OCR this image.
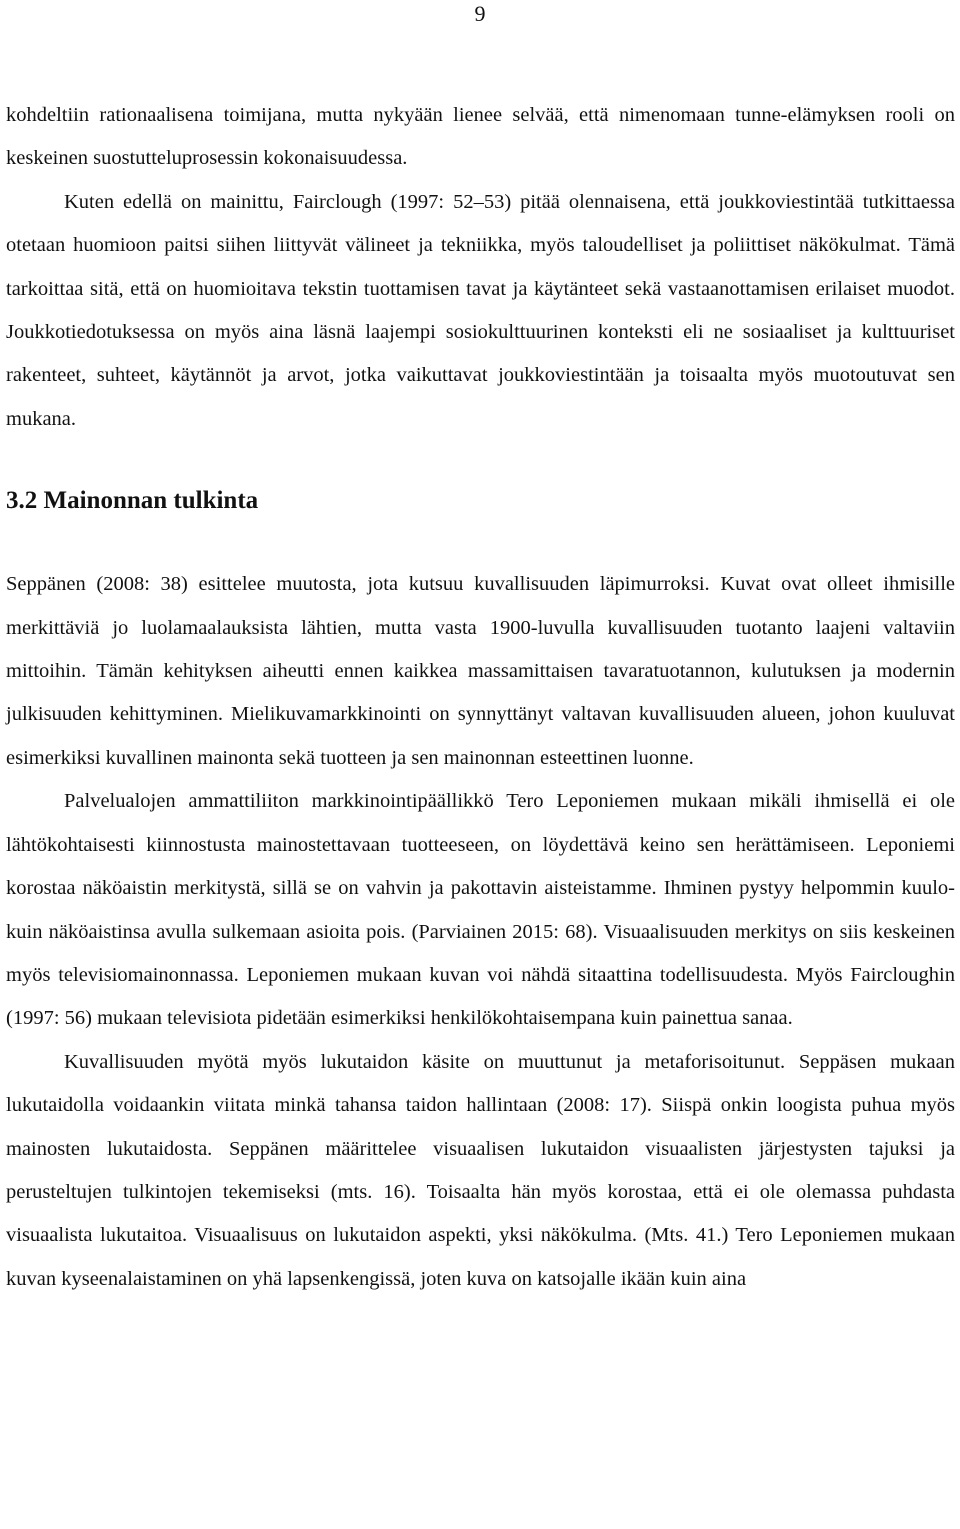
9

kohdeltiin rationaalisena toimijana, mutta nykyään lienee selvää, että nimenomaan tunne-elämyksen rooli on keskeinen suostutteluprosessin kokonaisuudessa.

Kuten edellä on mainittu, Fairclough (1997: 52–53) pitää olennaisena, että joukkoviestintää tutkittaessa otetaan huomioon paitsi siihen liittyvät välineet ja tekniikka, myös taloudelliset ja poliittiset näkökulmat. Tämä tarkoittaa sitä, että on huomioitava tekstin tuottamisen tavat ja käytänteet sekä vastaanottamisen erilaiset muodot. Joukkotiedotuksessa on myös aina läsnä laajempi sosiokulttuurinen konteksti eli ne sosiaaliset ja kulttuuriset rakenteet, suhteet, käytännöt ja arvot, jotka vaikuttavat joukkoviestintään ja toisaalta myös muotoutuvat sen mukana.

3.2 Mainonnan tulkinta

Seppänen (2008: 38) esittelee muutosta, jota kutsuu kuvallisuuden läpimurroksi. Kuvat ovat olleet ihmisille merkittäviä jo luolamaalauksista lähtien, mutta vasta 1900-luvulla kuvallisuuden tuotanto laajeni valtaviin mittoihin. Tämän kehityksen aiheutti ennen kaikkea massamittaisen tavaratuotannon, kulutuksen ja modernin julkisuuden kehittyminen. Mielikuvamarkkinointi on synnyttänyt valtavan kuvallisuuden alueen, johon kuuluvat esimerkiksi kuvallinen mainonta sekä tuotteen ja sen mainonnan esteettinen luonne.

Palvelualojen ammattiliiton markkinointipäällikkö Tero Leponiemen mukaan mikäli ihmisellä ei ole lähtökohtaisesti kiinnostusta mainostettavaan tuotteeseen, on löydettävä keino sen herättämiseen. Leponiemi korostaa näköaistin merkitystä, sillä se on vahvin ja pakottavin aisteistamme. Ihminen pystyy helpommin kuulo- kuin näköaistinsa avulla sulkemaan asioita pois. (Parviainen 2015: 68). Visuaalisuuden merkitys on siis keskeinen myös televisiomainonnassa. Leponiemen mukaan kuvan voi nähdä sitaattina todellisuudesta. Myös Faircloughin (1997: 56) mukaan televisiota pidetään esimerkiksi henkilökohtaisempana kuin painettua sanaa.

Kuvallisuuden myötä myös lukutaidon käsite on muuttunut ja metaforisoitunut. Seppäsen mukaan lukutaidolla voidaankin viitata minkä tahansa taidon hallintaan (2008: 17). Siispä onkin loogista puhua myös mainosten lukutaidosta. Seppänen määrittelee visuaalisen lukutaidon visuaalisten järjestysten tajuksi ja perusteltujen tulkintojen tekemiseksi (mts. 16). Toisaalta hän myös korostaa, että ei ole olemassa puhdasta visuaalista lukutaitoa. Visuaalisuus on lukutaidon aspekti, yksi näkökulma. (Mts. 41.) Tero Leponiemen mukaan kuvan kyseenalaistaminen on yhä lapsenkengissä, joten kuva on katsojalle ikään kuin aina
